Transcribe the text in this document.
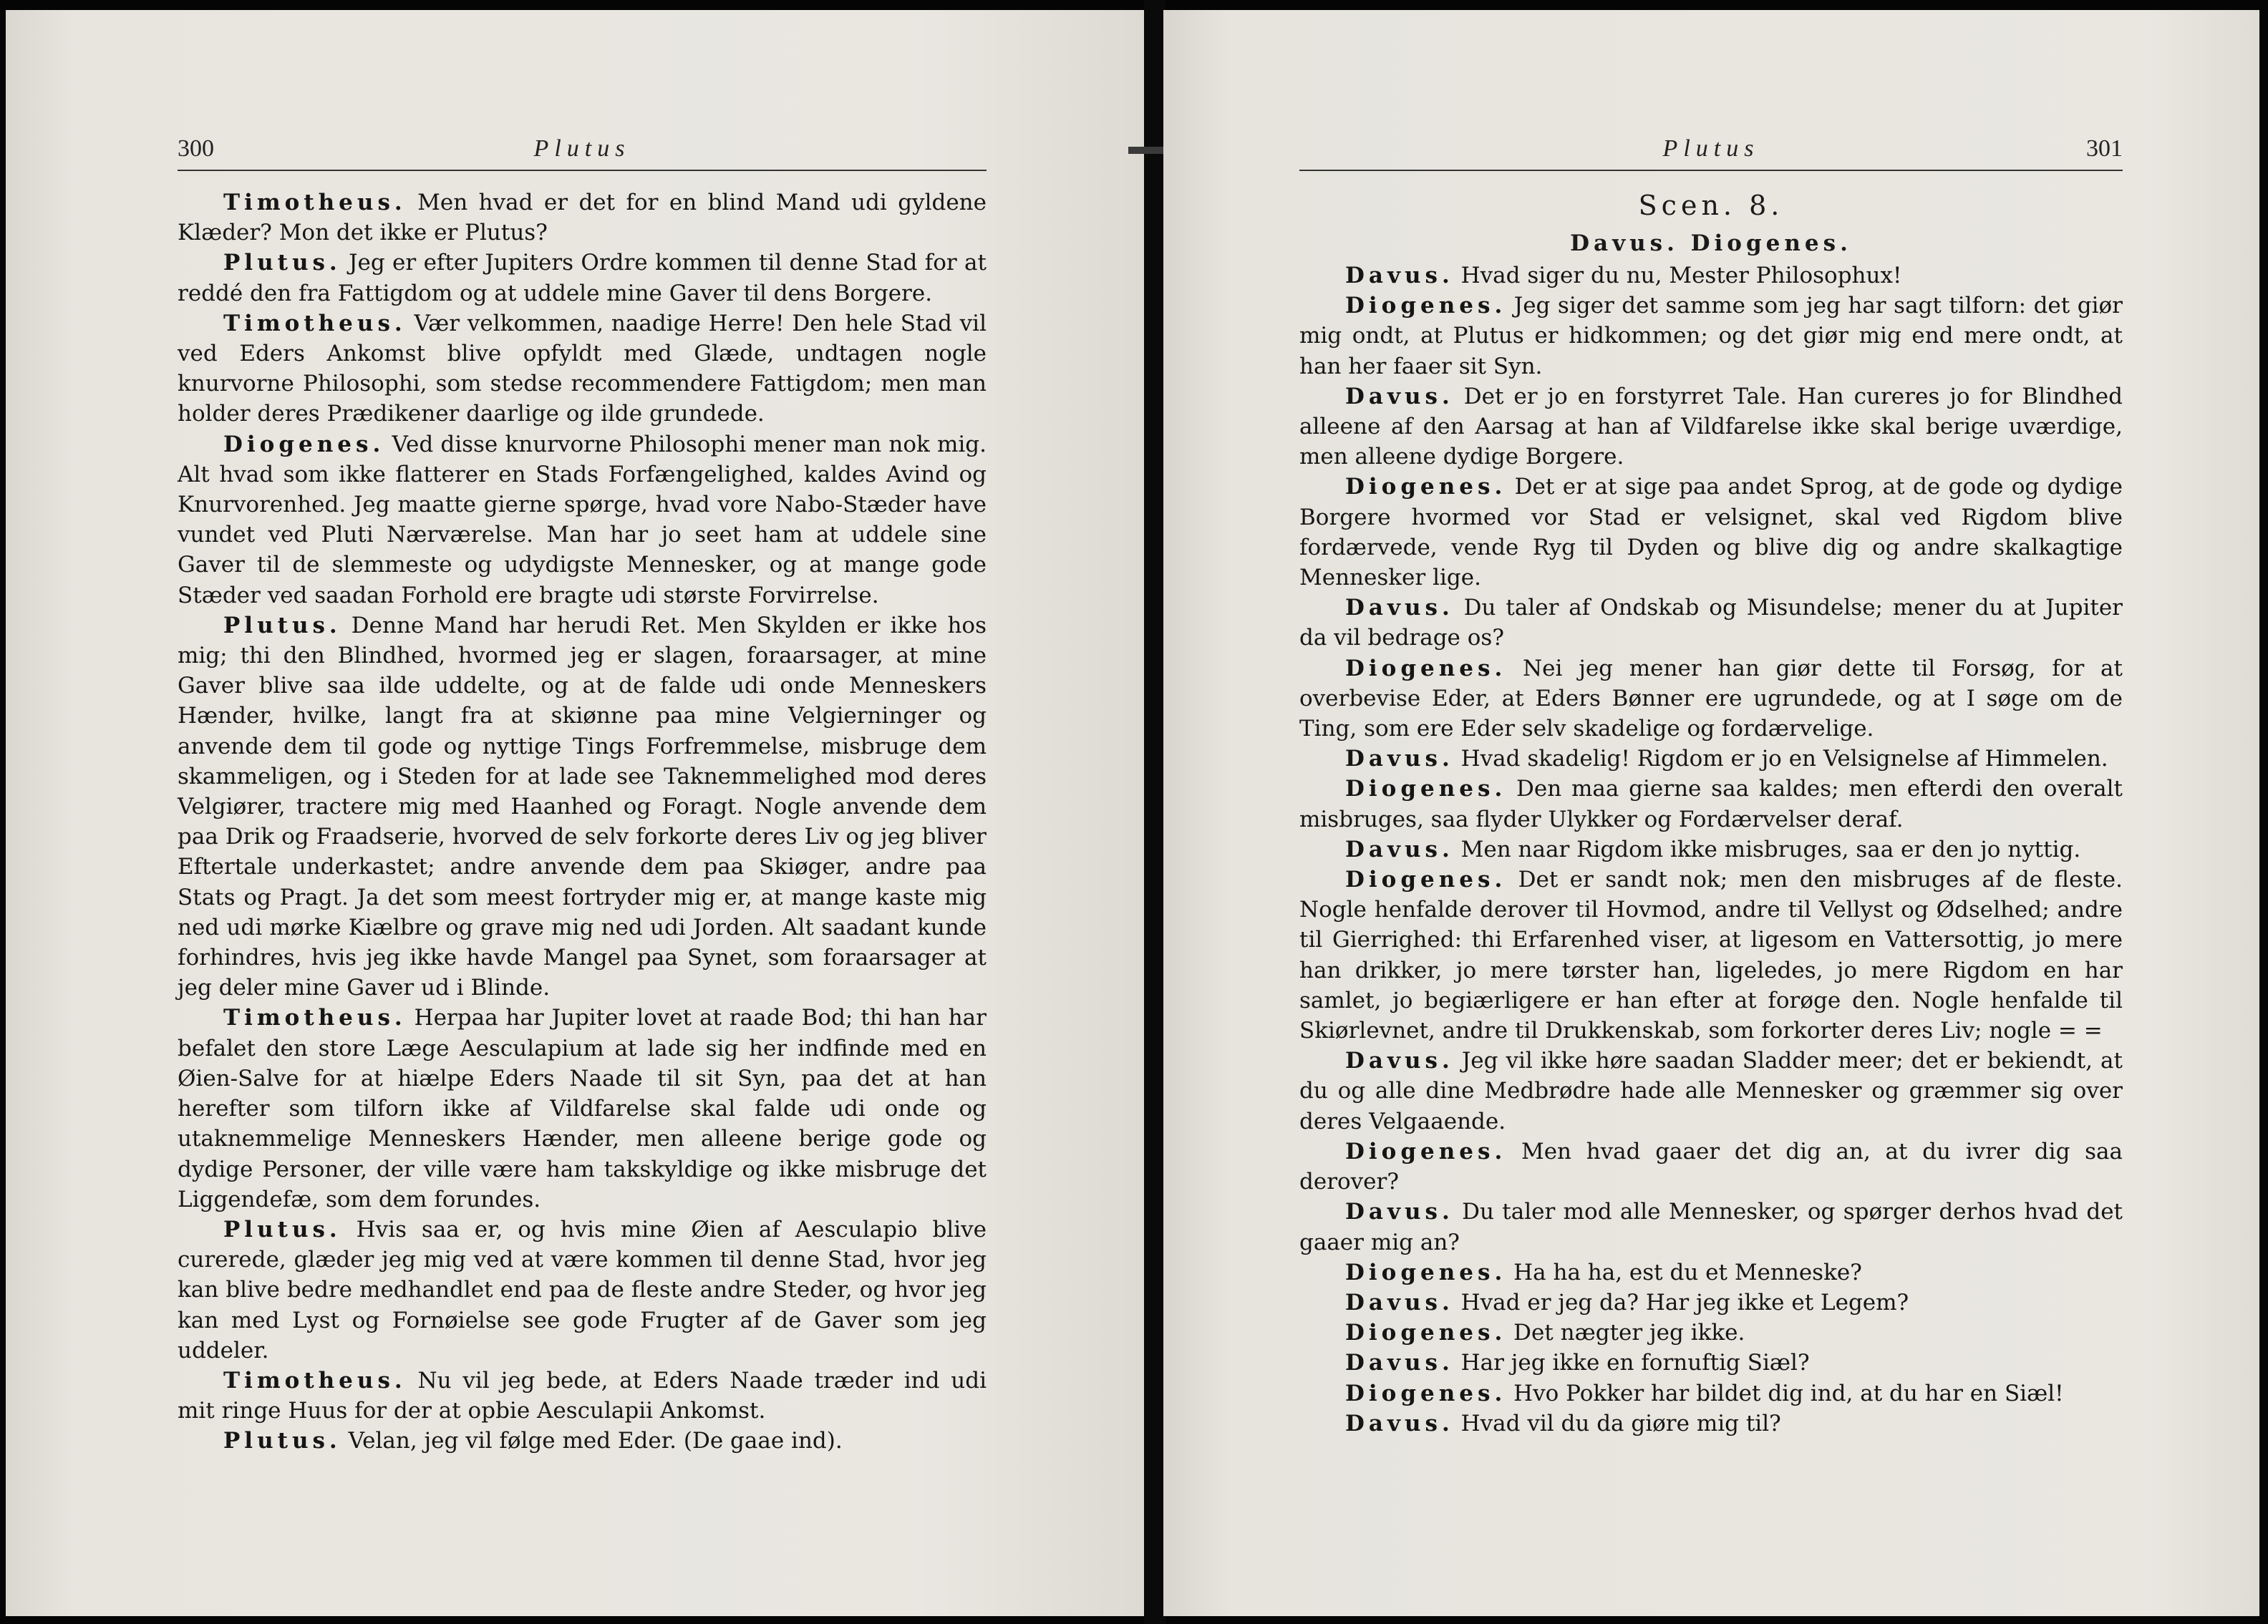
300	Plutus

Timotheus. Men hvad er det for en blind Mand udi gyldene Klæder? Mon det ikke er Plutus?

Plutus. Jeg er efter Jupiters Ordre kommen til denne Stad for at reddé den fra Fattigdom og at uddele mine Gaver til dens Borgere.

Timotheus. Vær velkommen, naadige Herre! Den hele Stad vil ved Eders Ankomst blive opfyldt med Glæde, undtagen nogle knurvorne Philosophi, som stedse recommendere Fattigdom; men man holder deres Prædikener daarlige og ilde grundede.

Diogenes. Ved disse knurvorne Philosophi mener man nok mig. Alt hvad som ikke flatterer en Stads Forfængelighed, kaldes Avind og Knurvorenhed. Jeg maatte gierne spørge, hvad vore Nabo-Stæder have vundet ved Pluti Nærværelse. Man har jo seet ham at uddele sine Gaver til de slemmeste og udydigste Mennesker, og at mange gode Stæder ved saadan Forhold ere bragte udi største Forvirrelse.

Plutus. Denne Mand har herudi Ret. Men Skylden er ikke hos mig; thi den Blindhed, hvormed jeg er slagen, foraarsager, at mine Gaver blive saa ilde uddelte, og at de falde udi onde Menneskers Hænder, hvilke, langt fra at skiønne paa mine Velgierninger og anvende dem til gode og nyttige Tings Forfremmelse, misbruge dem skammeligen, og i Steden for at lade see Taknemmelighed mod deres Velgiører, tractere mig med Haanhed og Foragt. Nogle anvende dem paa Drik og Fraadserie, hvorved de selv forkorte deres Liv og jeg bliver Eftertale underkastet; andre anvende dem paa Skiøger, andre paa Stats og Pragt. Ja det som meest fortryder mig er, at mange kaste mig ned udi mørke Kiælbre og grave mig ned udi Jorden. Alt saadant kunde forhindres, hvis jeg ikke havde Mangel paa Synet, som foraarsager at jeg deler mine Gaver ud i Blinde.

Timotheus. Herpaa har Jupiter lovet at raade Bod; thi han har befalet den store Læge Aesculapium at lade sig her indfinde med en Øien-Salve for at hiælpe Eders Naade til sit Syn, paa det at han herefter som tilforn ikke af Vildfarelse skal falde udi onde og utaknemmelige Menneskers Hænder, men alleene berige gode og dydige Personer, der ville være ham takskyldige og ikke misbruge det Liggendefæ, som dem forundes.

Plutus. Hvis saa er, og hvis mine Øien af Aesculapio blive curerede, glæder jeg mig ved at være kommen til denne Stad, hvor jeg kan blive bedre medhandlet end paa de fleste andre Steder, og hvor jeg kan med Lyst og Fornøielse see gode Frugter af de Gaver som jeg uddeler.

Timotheus. Nu vil jeg bede, at Eders Naade træder ind udi mit ringe Huus for der at opbie Aesculapii Ankomst.

Plutus. Velan, jeg vil følge med Eder. (De gaae ind).

Plutus	301

Scen. 8.

Davus. Diogenes.

Davus. Hvad siger du nu, Mester Philosophux!

Diogenes. Jeg siger det samme som jeg har sagt tilforn: det giør mig ondt, at Plutus er hidkommen; og det giør mig end mere ondt, at han her faaer sit Syn.

Davus. Det er jo en forstyrret Tale. Han cureres jo for Blindhed alleene af den Aarsag at han af Vildfarelse ikke skal berige uværdige, men alleene dydige Borgere.

Diogenes. Det er at sige paa andet Sprog, at de gode og dydige Borgere hvormed vor Stad er velsignet, skal ved Rigdom blive fordærvede, vende Ryg til Dyden og blive dig og andre skalkagtige Mennesker lige.

Davus. Du taler af Ondskab og Misundelse; mener du at Jupiter da vil bedrage os?

Diogenes. Nei jeg mener han giør dette til Forsøg, for at overbevise Eder, at Eders Bønner ere ugrundede, og at I søge om de Ting, som ere Eder selv skadelige og fordærvelige.

Davus. Hvad skadelig! Rigdom er jo en Velsignelse af Himmelen.

Diogenes. Den maa gierne saa kaldes; men efterdi den overalt misbruges, saa flyder Ulykker og Fordærvelser deraf.

Davus. Men naar Rigdom ikke misbruges, saa er den jo nyttig.

Diogenes. Det er sandt nok; men den misbruges af de fleste. Nogle henfalde derover til Hovmod, andre til Vellyst og Ødselhed; andre til Gierrighed: thi Erfarenhed viser, at ligesom en Vattersottig, jo mere han drikker, jo mere tørster han, ligeledes, jo mere Rigdom en har samlet, jo begiærligere er han efter at forøge den. Nogle henfalde til Skiørlevnet, andre til Drukkenskab, som forkorter deres Liv; nogle = =

Davus. Jeg vil ikke høre saadan Sladder meer; det er bekiendt, at du og alle dine Medbrødre hade alle Mennesker og græmmer sig over deres Velgaaende.

Diogenes. Men hvad gaaer det dig an, at du ivrer dig saa derover?

Davus. Du taler mod alle Mennesker, og spørger derhos hvad det gaaer mig an?

Diogenes. Ha ha ha, est du et Menneske?

Davus. Hvad er jeg da? Har jeg ikke et Legem?

Diogenes. Det nægter jeg ikke.

Davus. Har jeg ikke en fornuftig Siæl?

Diogenes. Hvo Pokker har bildet dig ind, at du har en Siæl!

Davus. Hvad vil du da giøre mig til?
